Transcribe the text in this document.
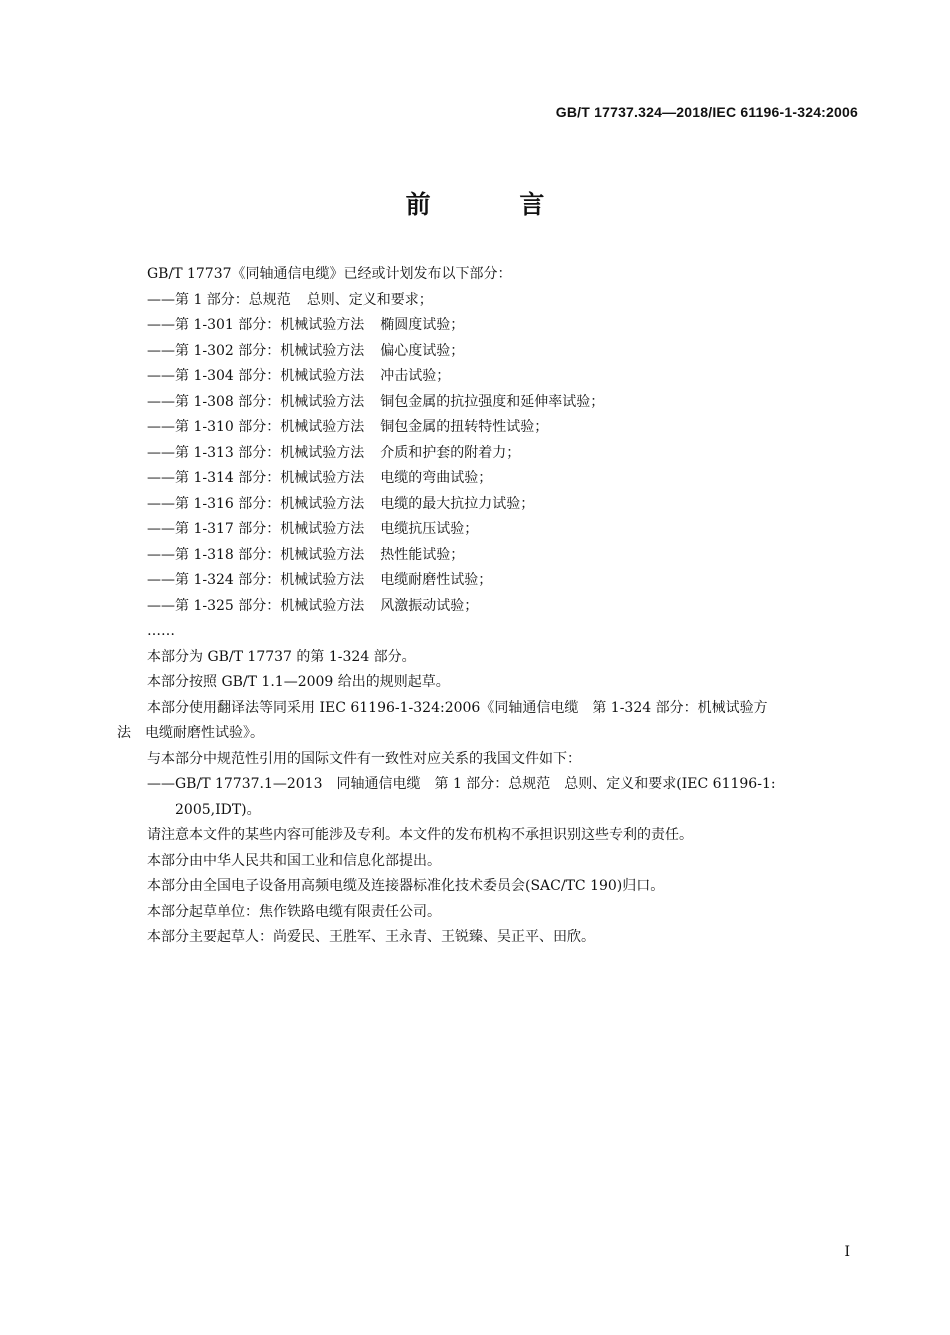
GB/T 17737.324—2018/IEC 61196-1-324:2006
前 言
GB/T 17737《同轴通信电缆》已经或计划发布以下部分：
——第 1 部分：总规范 总则、定义和要求；
——第 1-301 部分：机械试验方法 椭圆度试验；
——第 1-302 部分：机械试验方法 偏心度试验；
——第 1-304 部分：机械试验方法 冲击试验；
——第 1-308 部分：机械试验方法 铜包金属的抗拉强度和延伸率试验；
——第 1-310 部分：机械试验方法 铜包金属的扭转特性试验；
——第 1-313 部分：机械试验方法 介质和护套的附着力；
——第 1-314 部分：机械试验方法 电缆的弯曲试验；
——第 1-316 部分：机械试验方法 电缆的最大抗拉力试验；
——第 1-317 部分：机械试验方法 电缆抗压试验；
——第 1-318 部分：机械试验方法 热性能试验；
——第 1-324 部分：机械试验方法 电缆耐磨性试验；
——第 1-325 部分：机械试验方法 风激振动试验；
……
本部分为 GB/T 17737 的第 1-324 部分。
本部分按照 GB/T 1.1—2009 给出的规则起草。
本部分使用翻译法等同采用 IEC 61196-1-324:2006《同轴通信电缆　第 1-324 部分：机械试验方
法　电缆耐磨性试验》。
与本部分中规范性引用的国际文件有一致性对应关系的我国文件如下：
——GB/T 17737.1—2013　同轴通信电缆　第 1 部分：总规范　总则、定义和要求(IEC 61196-1:
2005,IDT)。
请注意本文件的某些内容可能涉及专利。本文件的发布机构不承担识别这些专利的责任。
本部分由中华人民共和国工业和信息化部提出。
本部分由全国电子设备用高频电缆及连接器标准化技术委员会(SAC/TC 190)归口。
本部分起草单位：焦作铁路电缆有限责任公司。
本部分主要起草人：尚爱民、王胜军、王永青、王锐臻、吴正平、田欣。
I
